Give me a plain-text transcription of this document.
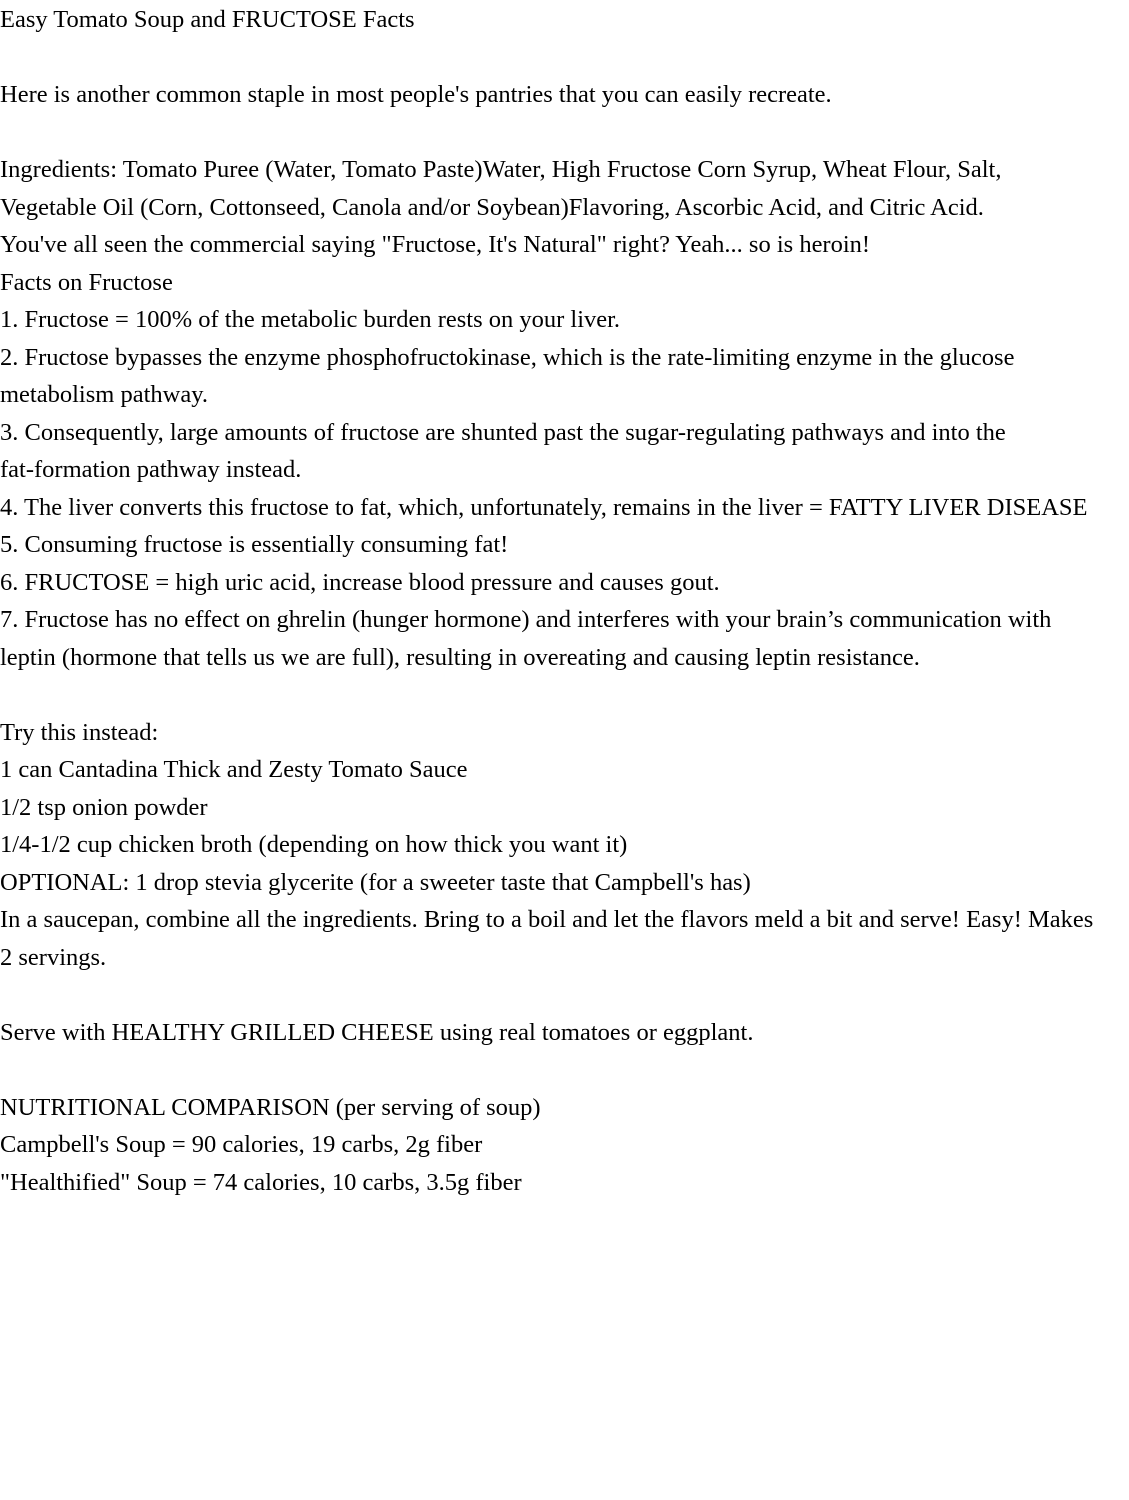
Easy Tomato Soup and FRUCTOSE Facts
Here is another common staple in most people's pantries that you can easily recreate.
Ingredients: Tomato Puree (Water, Tomato Paste)Water, High Fructose Corn Syrup, Wheat Flour, Salt,
Vegetable Oil (Corn, Cottonseed, Canola and/or Soybean)Flavoring, Ascorbic Acid, and Citric Acid.
You've all seen the commercial saying "Fructose, It's Natural" right? Yeah... so is heroin!
Facts on Fructose
1. Fructose = 100% of the metabolic burden rests on your liver.
2. Fructose bypasses the enzyme phosphofructokinase, which is the rate-limiting enzyme in the glucose
metabolism pathway.
3. Consequently, large amounts of fructose are shunted past the sugar-regulating pathways and into the
fat-formation pathway instead.
4. The liver converts this fructose to fat, which, unfortunately, remains in the liver = FATTY LIVER DISEASE
5. Consuming fructose is essentially consuming fat!
6. FRUCTOSE = high uric acid, increase blood pressure and causes gout.
7. Fructose has no effect on ghrelin (hunger hormone) and interferes with your brain’s communication with
leptin (hormone that tells us we are full), resulting in overeating and causing leptin resistance.
Try this instead:
1 can Cantadina Thick and Zesty Tomato Sauce
1/2 tsp onion powder
1/4-1/2 cup chicken broth (depending on how thick you want it)
OPTIONAL: 1 drop stevia glycerite (for a sweeter taste that Campbell's has)
In a saucepan, combine all the ingredients. Bring to a boil and let the flavors meld a bit and serve! Easy! Makes
2 servings.
Serve with HEALTHY GRILLED CHEESE using real tomatoes or eggplant.
NUTRITIONAL COMPARISON (per serving of soup)
Campbell's Soup = 90 calories, 19 carbs, 2g fiber
"Healthified" Soup = 74 calories, 10 carbs, 3.5g fiber
